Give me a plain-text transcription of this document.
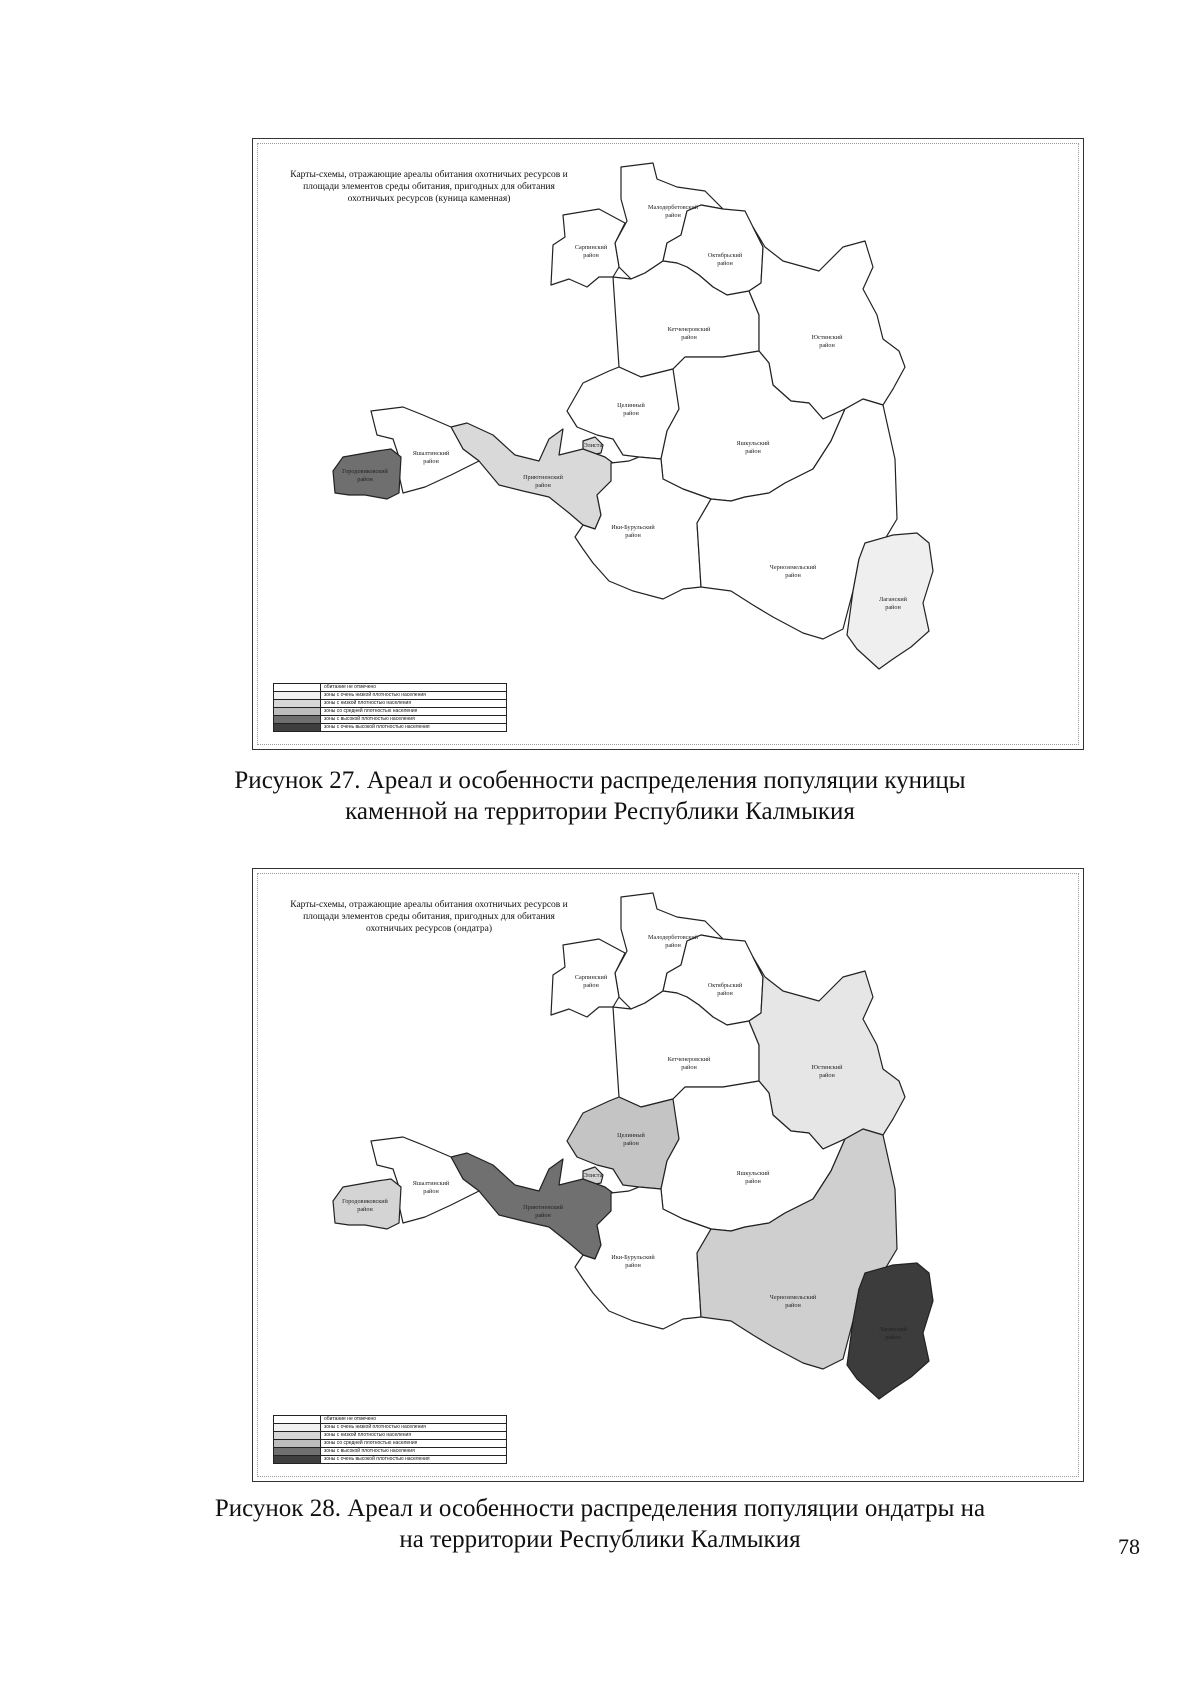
Карты-схемы, отражающие ареалы обитания охотничьих ресурсов и площади элементов среды обитания, пригодных для обитания охотничьих ресурсов (куница каменная)
Малодербетовский район
Сарпинский район	Октябрьский район
Кетченеровский район	Юстинский район
Целинный район
Яшкульский район
Элиста
Приютненский район
Яшалтинский район
Городовиковский район
Ики-Бурульский район
Черноземельский район
Лаганский район
обитание не отмечено
зоны с очень низкой плотностью населения
зоны с низкой плотностью населения
зоны со средней плотностью населения
зоны с высокой плотностью населения
зоны с очень высокой плотностью населения
Рисунок 27. Ареал и особенности распределения популяции куницы
каменной на территории Республики Калмыкия
Карты-схемы, отражающие ареалы обитания охотничьих ресурсов и площади элементов среды обитания, пригодных для обитания охотничьих ресурсов (ондатра)
Малодербетовский район
Сарпинский район	Октябрьский район
Кетченеровский район	Юстинский район
Целинный район
Яшкульский район
Элиста
Приютненский район
Яшалтинский район
Городовиковский район
Ики-Бурульский район
Черноземельский район
Лаганский район
обитание не отмечено
зоны с очень низкой плотностью населения
зоны с низкой плотностью населения
зоны со средней плотностью населения
зоны с высокой плотностью населения
зоны с очень высокой плотностью населения
Рисунок 28. Ареал и особенности распределения популяции ондатры на
на территории Республики Калмыкия	78
